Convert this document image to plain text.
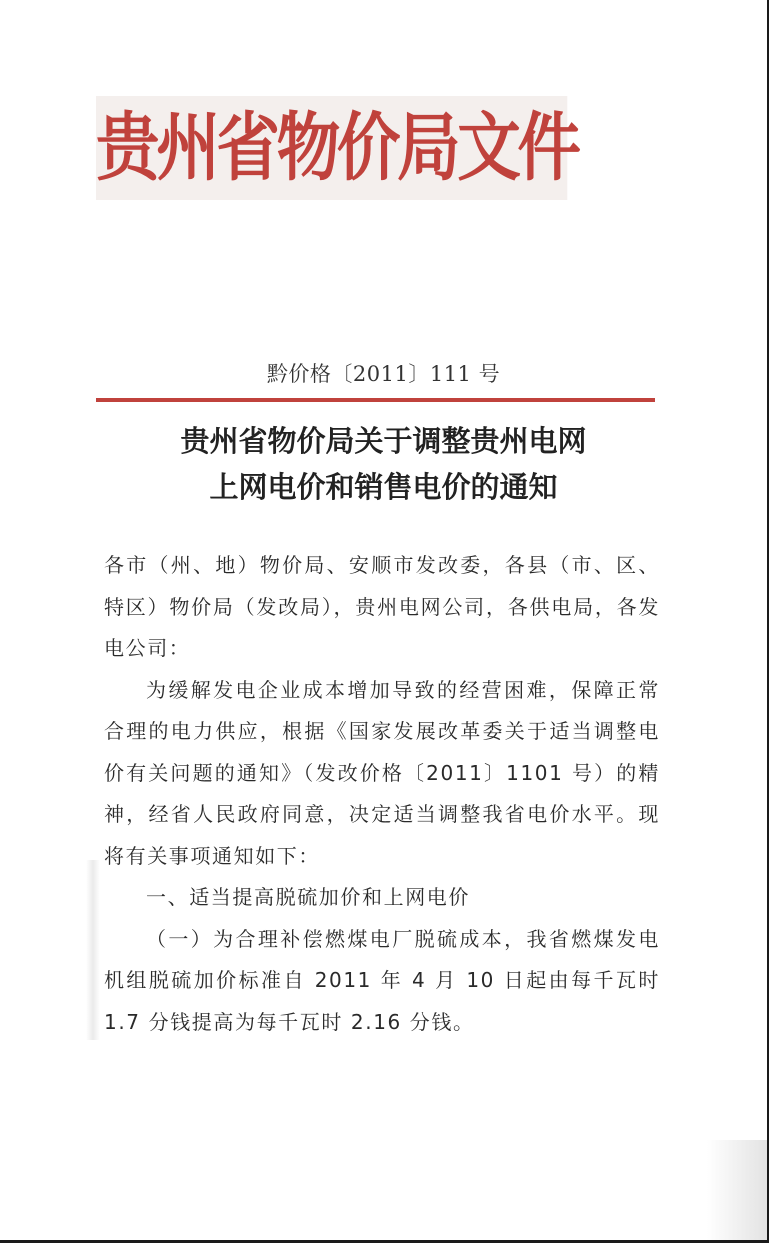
贵州省物价局文件
黔价格〔2011〕111 号
贵州省物价局关于调整贵州电网
上网电价和销售电价的通知

各市（州、地）物价局、安顺市发改委，各县（市、区、特区）物价局（发改局），贵州电网公司，各供电局，各发电公司：

为缓解发电企业成本增加导致的经营困难，保障正常合理的电力供应，根据《国家发展改革委关于适当调整电价有关问题的通知》（发改价格〔2011〕1101 号）的精神，经省人民政府同意，决定适当调整我省电价水平。现将有关事项通知如下：

一、适当提高脱硫加价和上网电价

（一）为合理补偿燃煤电厂脱硫成本，我省燃煤发电机组脱硫加价标准自 2011 年 4 月 10 日起由每千瓦时 1.7 分钱提高为每千瓦时 2.16 分钱。
